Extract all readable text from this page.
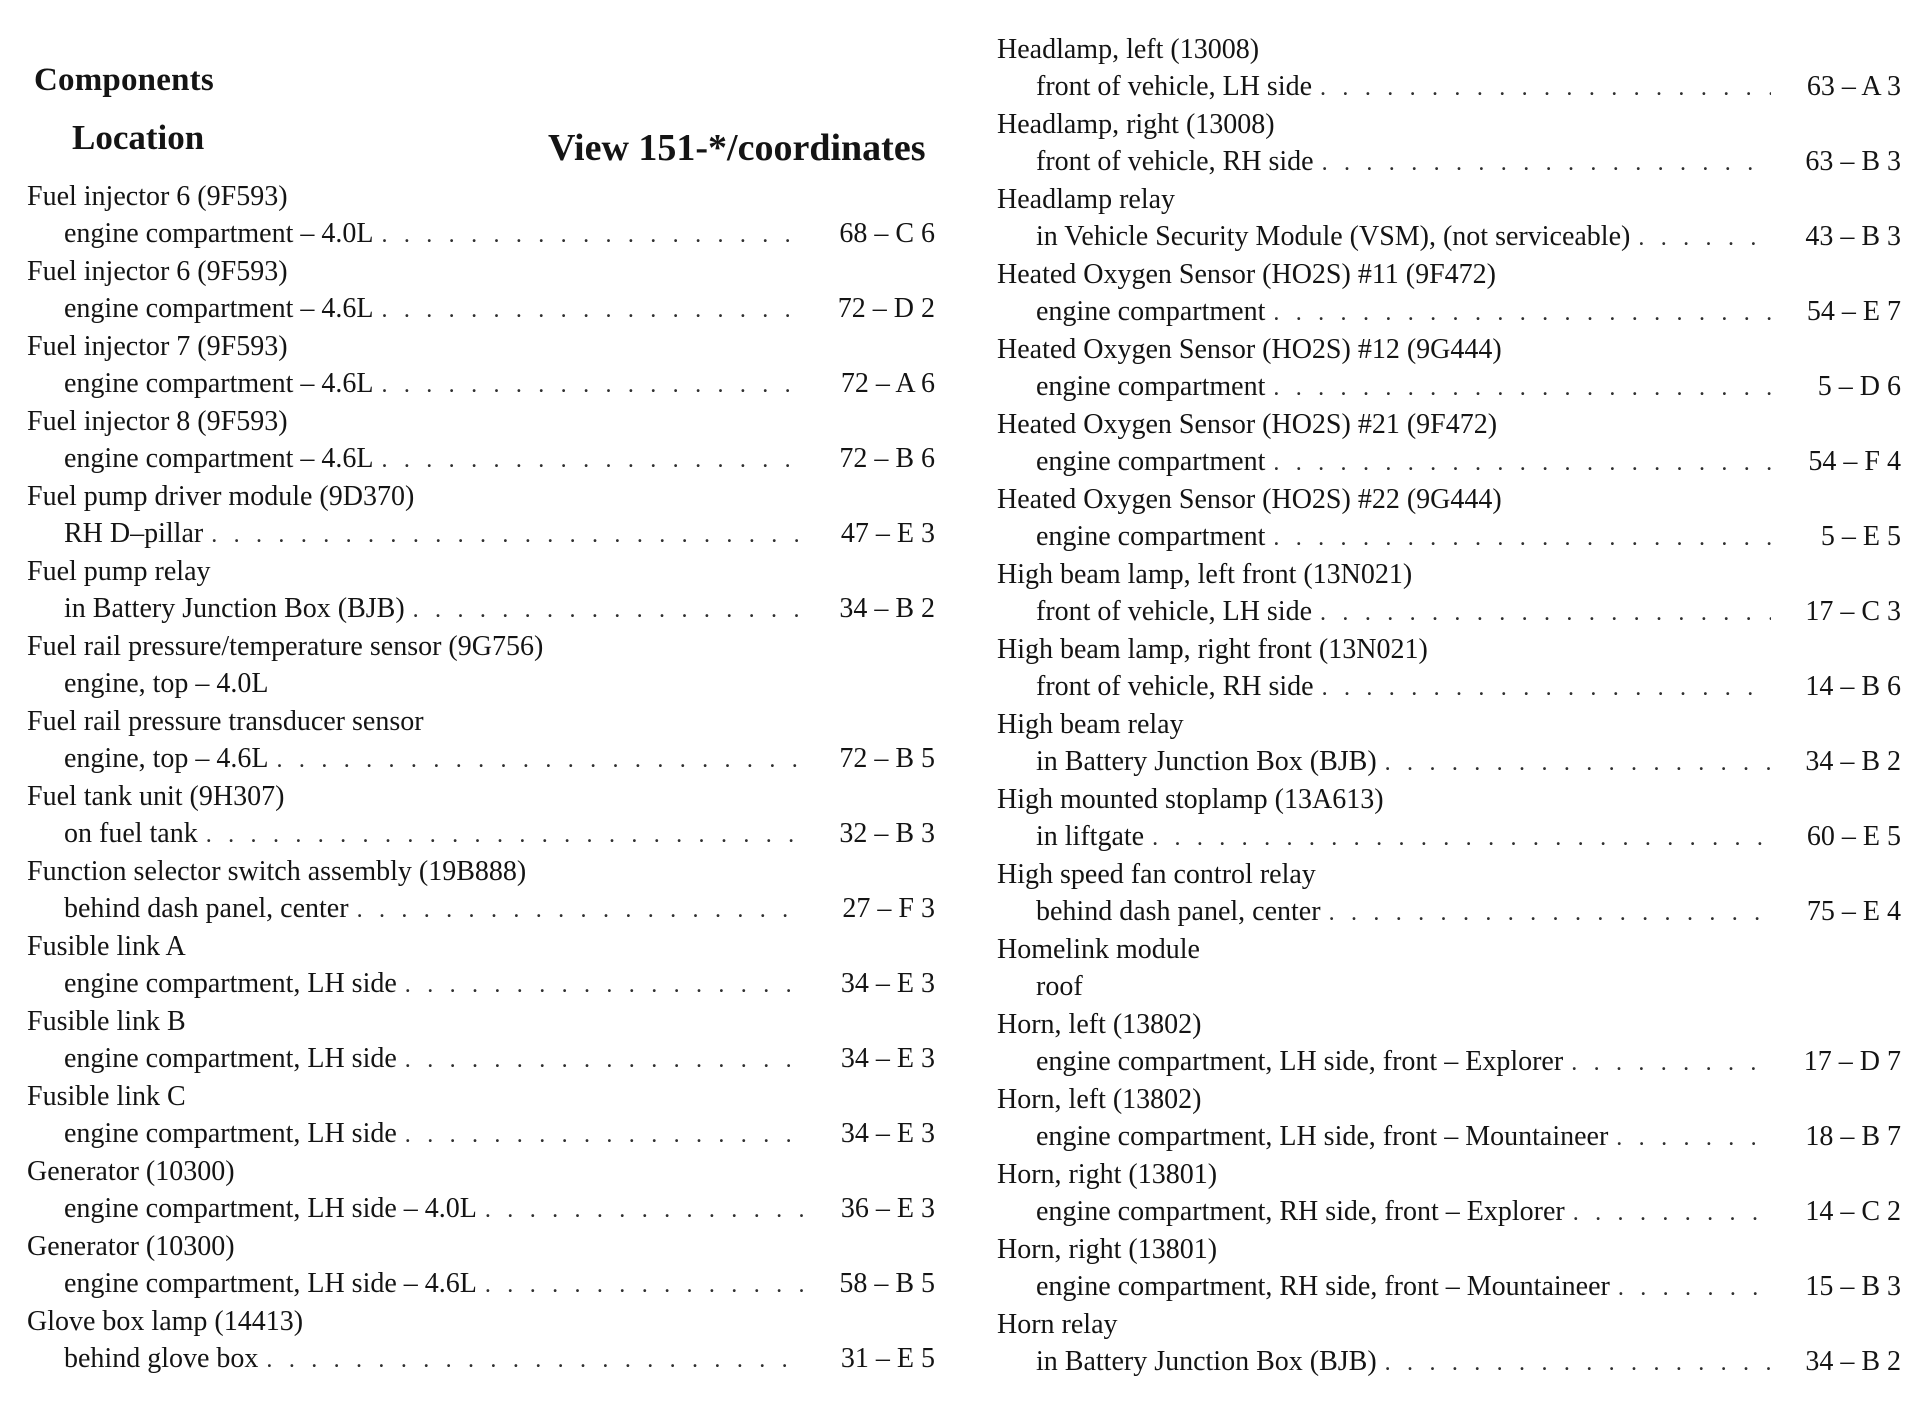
Components
Location	View 151-*/coordinates
Fuel injector 6 (9F593)
engine compartment – 4.0L . . .	68 – C 6
Fuel injector 6 (9F593)
engine compartment – 4.6L . . .	72 – D 2
Fuel injector 7 (9F593)
engine compartment – 4.6L . . .	72 – A 6
Fuel injector 8 (9F593)
engine compartment – 4.6L . . .	72 – B 6
Fuel pump driver module (9D370)
RH D–pillar . . .	47 – E 3
Fuel pump relay
in Battery Junction Box (BJB) . . .	34 – B 2
Fuel rail pressure/temperature sensor (9G756)
engine, top – 4.0L
Fuel rail pressure transducer sensor
engine, top – 4.6L . . .	72 – B 5
Fuel tank unit (9H307)
on fuel tank . . .	32 – B 3
Function selector switch assembly (19B888)
behind dash panel, center . . .	27 – F 3
Fusible link A
engine compartment, LH side . . .	34 – E 3
Fusible link B
engine compartment, LH side . . .	34 – E 3
Fusible link C
engine compartment, LH side . . .	34 – E 3
Generator (10300)
engine compartment, LH side – 4.0L . . .	36 – E 3
Generator (10300)
engine compartment, LH side – 4.6L . . .	58 – B 5
Glove box lamp (14413)
behind glove box . . .	31 – E 5
Headlamp, left (13008)
front of vehicle, LH side . . .	63 – A 3
Headlamp, right (13008)
front of vehicle, RH side . . .	63 – B 3
Headlamp relay
in Vehicle Security Module (VSM), (not serviceable) . . .	43 – B 3
Heated Oxygen Sensor (HO2S) #11 (9F472)
engine compartment . . .	54 – E 7
Heated Oxygen Sensor (HO2S) #12 (9G444)
engine compartment . . .	5 – D 6
Heated Oxygen Sensor (HO2S) #21 (9F472)
engine compartment . . .	54 – F 4
Heated Oxygen Sensor (HO2S) #22 (9G444)
engine compartment . . .	5 – E 5
High beam lamp, left front (13N021)
front of vehicle, LH side . . .	17 – C 3
High beam lamp, right front (13N021)
front of vehicle, RH side . . .	14 – B 6
High beam relay
in Battery Junction Box (BJB) . . .	34 – B 2
High mounted stoplamp (13A613)
in liftgate . . .	60 – E 5
High speed fan control relay
behind dash panel, center . . .	75 – E 4
Homelink module
roof
Horn, left (13802)
engine compartment, LH side, front – Explorer . . .	17 – D 7
Horn, left (13802)
engine compartment, LH side, front – Mountaineer . . .	18 – B 7
Horn, right (13801)
engine compartment, RH side, front – Explorer . . .	14 – C 2
Horn, right (13801)
engine compartment, RH side, front – Mountaineer . . .	15 – B 3
Horn relay
in Battery Junction Box (BJB) . . .	34 – B 2
